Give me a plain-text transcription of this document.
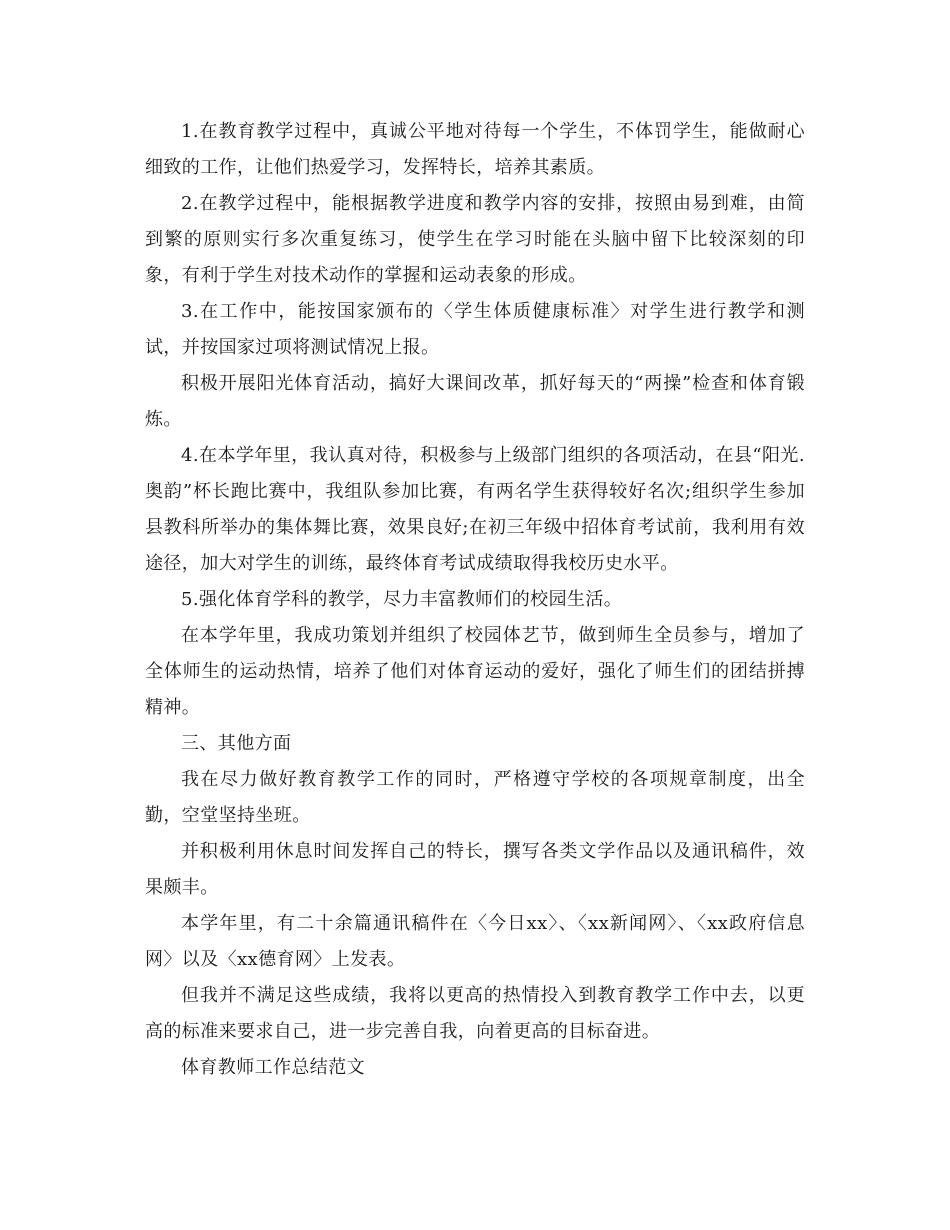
1.在教育教学过程中，真诚公平地对待每一个学生，不体罚学生，能做耐心细致的工作，让他们热爱学习，发挥特长，培养其素质。

2.在教学过程中，能根据教学进度和教学内容的安排，按照由易到难，由简到繁的原则实行多次重复练习，使学生在学习时能在头脑中留下比较深刻的印象，有利于学生对技术动作的掌握和运动表象的形成。

3.在工作中，能按国家颁布的〈学生体质健康标准〉对学生进行教学和测试，并按国家过项将测试情况上报。

积极开展阳光体育活动，搞好大课间改革，抓好每天的“两操”检查和体育锻炼。

4.在本学年里，我认真对待，积极参与上级部门组织的各项活动，在县“阳光.奥韵”杯长跑比赛中，我组队参加比赛，有两名学生获得较好名次;组织学生参加县教科所举办的集体舞比赛，效果良好;在初三年级中招体育考试前，我利用有效途径，加大对学生的训练，最终体育考试成绩取得我校历史水平。

5.强化体育学科的教学，尽力丰富教师们的校园生活。

在本学年里，我成功策划并组织了校园体艺节，做到师生全员参与，增加了全体师生的运动热情，培养了他们对体育运动的爱好，强化了师生们的团结拼搏精神。

三、其他方面

我在尽力做好教育教学工作的同时，严格遵守学校的各项规章制度，出全勤，空堂坚持坐班。

并积极利用休息时间发挥自己的特长，撰写各类文学作品以及通讯稿件，效果颇丰。

本学年里，有二十余篇通讯稿件在〈今日xx〉、〈xx新闻网〉、〈xx政府信息网〉以及〈xx德育网〉上发表。

但我并不满足这些成绩，我将以更高的热情投入到教育教学工作中去，以更高的标准来要求自己，进一步完善自我，向着更高的目标奋进。

体育教师工作总结范文
